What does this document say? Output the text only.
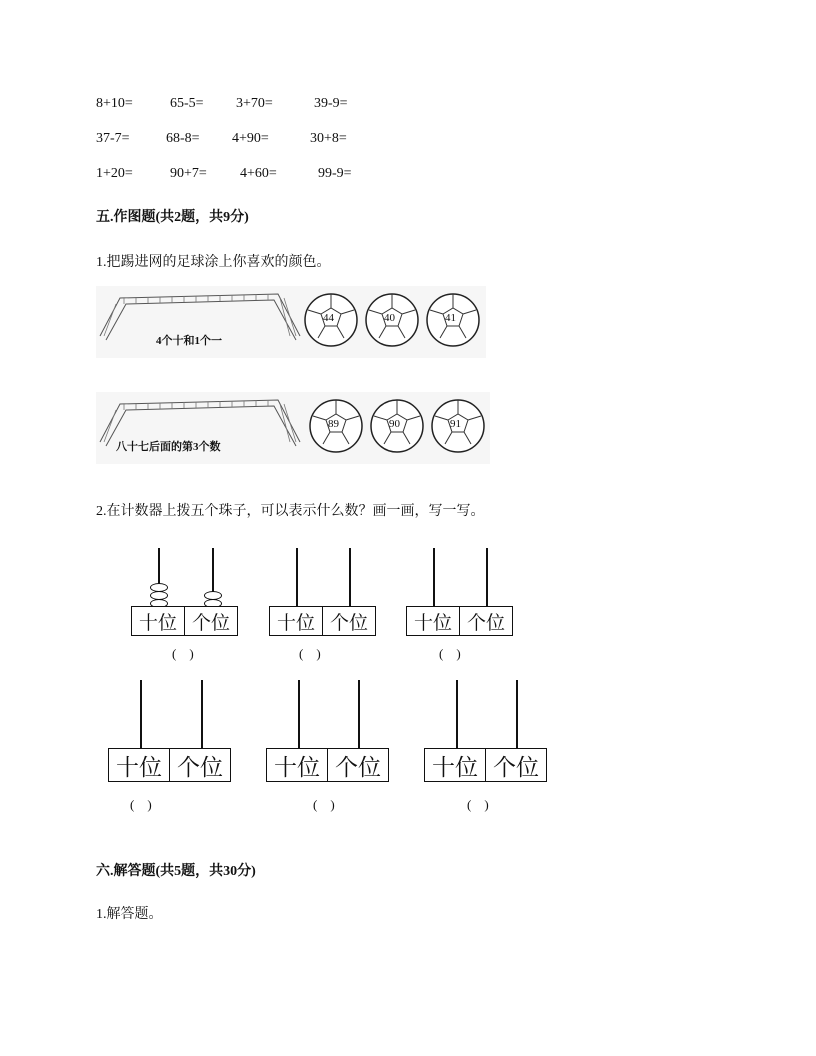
8+10=	65-5= 3+70=	39-9=
37-7=	68-8= 4+90=	30+8=
1+20=	90+7= 4+60=	99-9=
五.作图题(共2题，共9分)
1.把踢进网的足球涂上你喜欢的颜色。
4个十和1个一
44	40	41
八十七后面的第3个数
89	90	91
2.在计数器上拨五个珠子，可以表示什么数？画一画，写一写。
十位 个位
(    )
十位 个位
(    )
十位 个位
(    )
十位 个位
(    )
十位 个位
(    )
十位 个位
(    )
六.解答题(共5题，共30分)
1.解答题。
